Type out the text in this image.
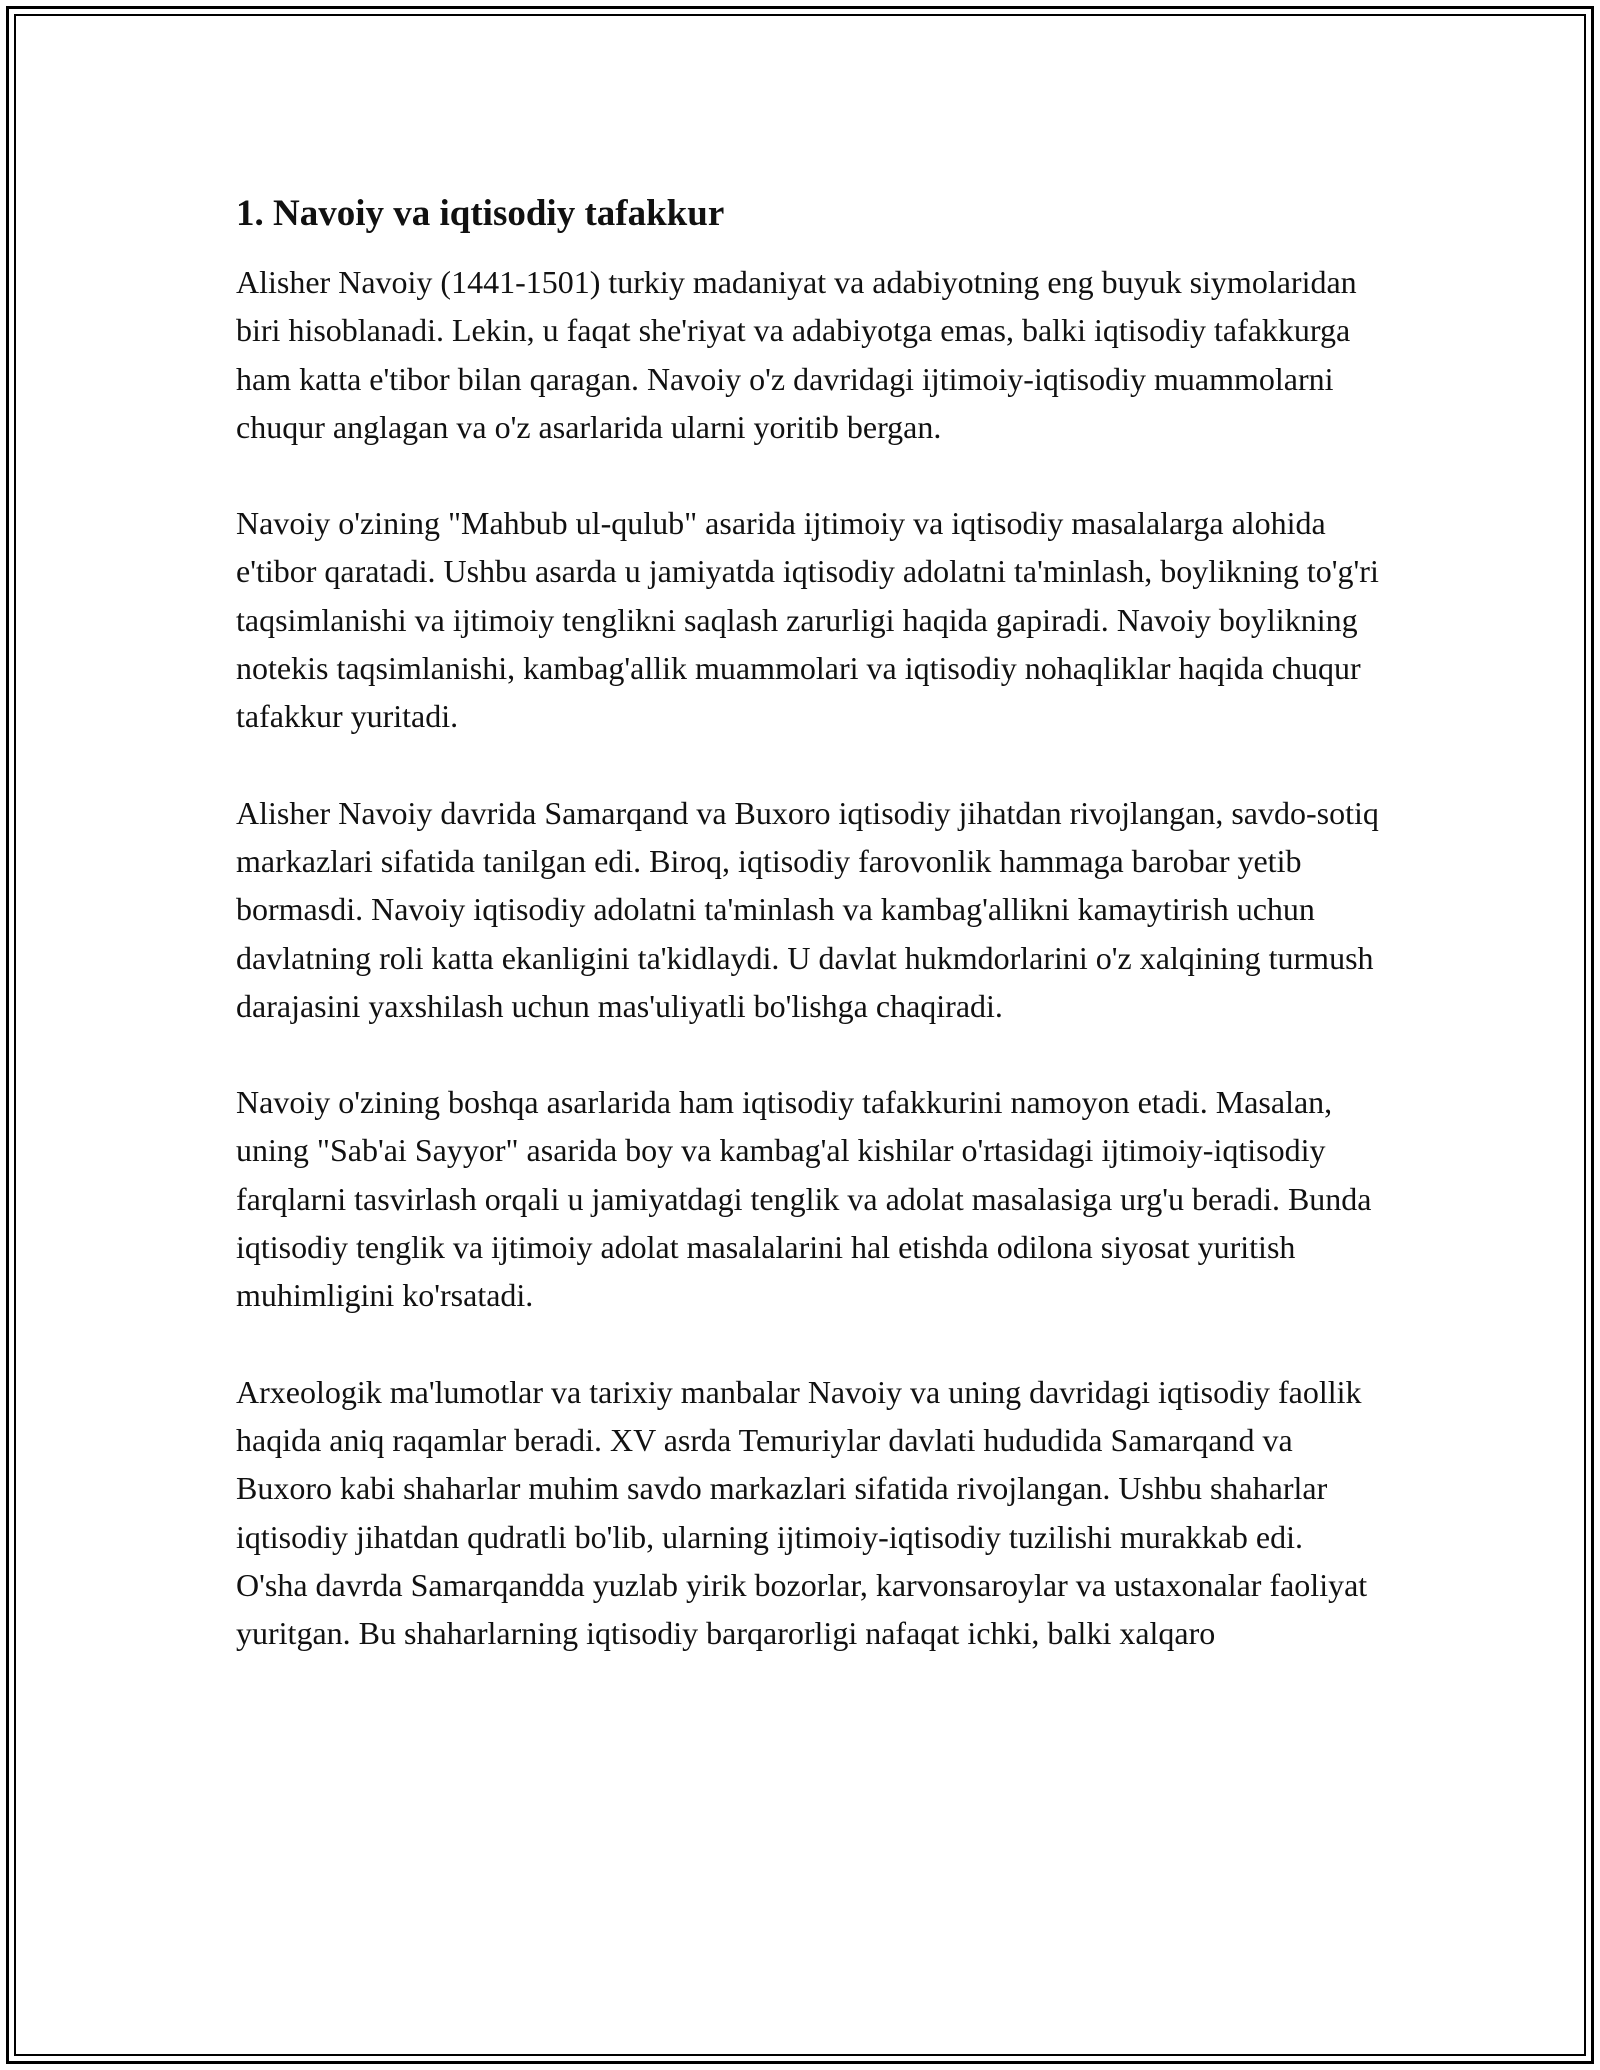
1. Navoiy va iqtisodiy tafakkur

Alisher Navoiy (1441-1501) turkiy madaniyat va adabiyotning eng buyuk siymolaridan biri hisoblanadi. Lekin, u faqat she'riyat va adabiyotga emas, balki iqtisodiy tafakkurga ham katta e'tibor bilan qaragan. Navoiy o'z davridagi ijtimoiy-iqtisodiy muammolarni chuqur anglagan va o'z asarlarida ularni yoritib bergan.

Navoiy o'zining "Mahbub ul-qulub" asarida ijtimoiy va iqtisodiy masalalarga alohida e'tibor qaratadi. Ushbu asarda u jamiyatda iqtisodiy adolatni ta'minlash, boylikning to'g'ri taqsimlanishi va ijtimoiy tenglikni saqlash zarurligi haqida gapiradi. Navoiy boylikning notekis taqsimlanishi, kambag'allik muammolari va iqtisodiy nohaqliklar haqida chuqur tafakkur yuritadi.

Alisher Navoiy davrida Samarqand va Buxoro iqtisodiy jihatdan rivojlangan, savdo-sotiq markazlari sifatida tanilgan edi. Biroq, iqtisodiy farovonlik hammaga barobar yetib bormasdi. Navoiy iqtisodiy adolatni ta'minlash va kambag'allikni kamaytirish uchun davlatning roli katta ekanligini ta'kidlaydi. U davlat hukmdorlarini o'z xalqining turmush darajasini yaxshilash uchun mas'uliyatli bo'lishga chaqiradi.

Navoiy o'zining boshqa asarlarida ham iqtisodiy tafakkurini namoyon etadi. Masalan, uning "Sab'ai Sayyor" asarida boy va kambag'al kishilar o'rtasidagi ijtimoiy-iqtisodiy farqlarni tasvirlash orqali u jamiyatdagi tenglik va adolat masalasiga urg'u beradi. Bunda iqtisodiy tenglik va ijtimoiy adolat masalalarini hal etishda odilona siyosat yuritish muhimligini ko'rsatadi.

Arxeologik ma'lumotlar va tarixiy manbalar Navoiy va uning davridagi iqtisodiy faollik haqida aniq raqamlar beradi. XV asrda Temuriylar davlati hududida Samarqand va Buxoro kabi shaharlar muhim savdo markazlari sifatida rivojlangan. Ushbu shaharlar iqtisodiy jihatdan qudratli bo'lib, ularning ijtimoiy-iqtisodiy tuzilishi murakkab edi. O'sha davrda Samarqandda yuzlab yirik bozorlar, karvonsaroylar va ustaxonalar faoliyat yuritgan. Bu shaharlarning iqtisodiy barqarorligi nafaqat ichki, balki xalqaro
